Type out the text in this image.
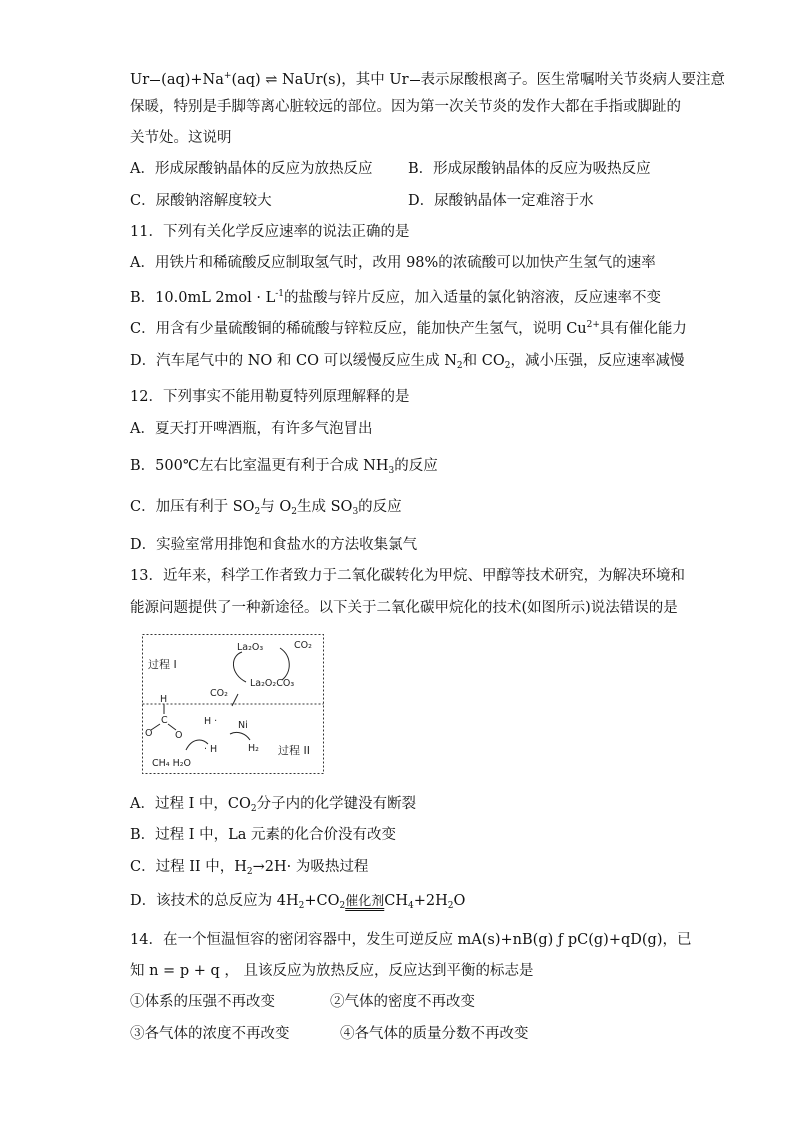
Ur (aq)+Na+(aq) ⇌ NaUr(s)，其中 Ur 表示尿酸根离子。医生常嘱咐关节炎病人要注意
保暖，特别是手脚等离心脏较远的部位。因为第一次关节炎的发作大都在手指或脚趾的
关节处。这说明
A．形成尿酸钠晶体的反应为放热反应 B．形成尿酸钠晶体的反应为吸热反应
C．尿酸钠溶解度较大	D．尿酸钠晶体一定难溶于水
11．下列有关化学反应速率的说法正确的是
A．用铁片和稀硫酸反应制取氢气时，改用 98%的浓硫酸可以加快产生氢气的速率
B．10.0mL $2mol \cdot L^{-1}$的盐酸与锌片反应，加入适量的氯化钠溶液，反应速率不变
C．用含有少量硫酸铜的稀硫酸与锌粒反应，能加快产生氢气，说明 $Cu^{2+}$具有催化能力
D．汽车尾气中的 NO 和 CO 可以缓慢反应生成 $N_2$和 $CO_2$，减小压强，反应速率减慢
12．下列事实不能用勒夏特列原理解释的是
A．夏天打开啤酒瓶，有许多气泡冒出
B．500℃左右比室温更有利于合成 $NH_3$的反应
C．加压有利于 $SO_2$与 $O_2$生成 $SO_3$的反应
D．实验室常用排饱和食盐水的方法收集氯气
13．近年来，科学工作者致力于二氧化碳转化为甲烷、甲醇等技术研究，为解决环境和
能源问题提供了一种新途径。以下关于二氧化碳甲烷化的技术(如图所示)说法错误的是
过程 I
La₂O₃	CO₂
La₂O₂CO₃
CO₂
H
C
O O
H ·
· H
Ni
H₂ 过程 II
CH₄ H₂O
A．过程 I 中，$CO_2$分子内的化学键没有断裂
B．过程 I 中，La 元素的化合价没有改变
C．过程 II 中，$H_2\to 2H\cdot$ 为吸热过程
D．该技术的总反应为 $4H_2+CO_2$催化剂$CH_4+2H_2O$
14．在一个恒温恒容的密闭容器中，发生可逆反应 mA(s)+nB(g) ƒ pC(g)+qD(g)，已
知 n = p + q ， 且该反应为放热反应，反应达到平衡的标志是
①体系的压强不再改变	②气体的密度不再改变
③各气体的浓度不再改变	④各气体的质量分数不再改变
